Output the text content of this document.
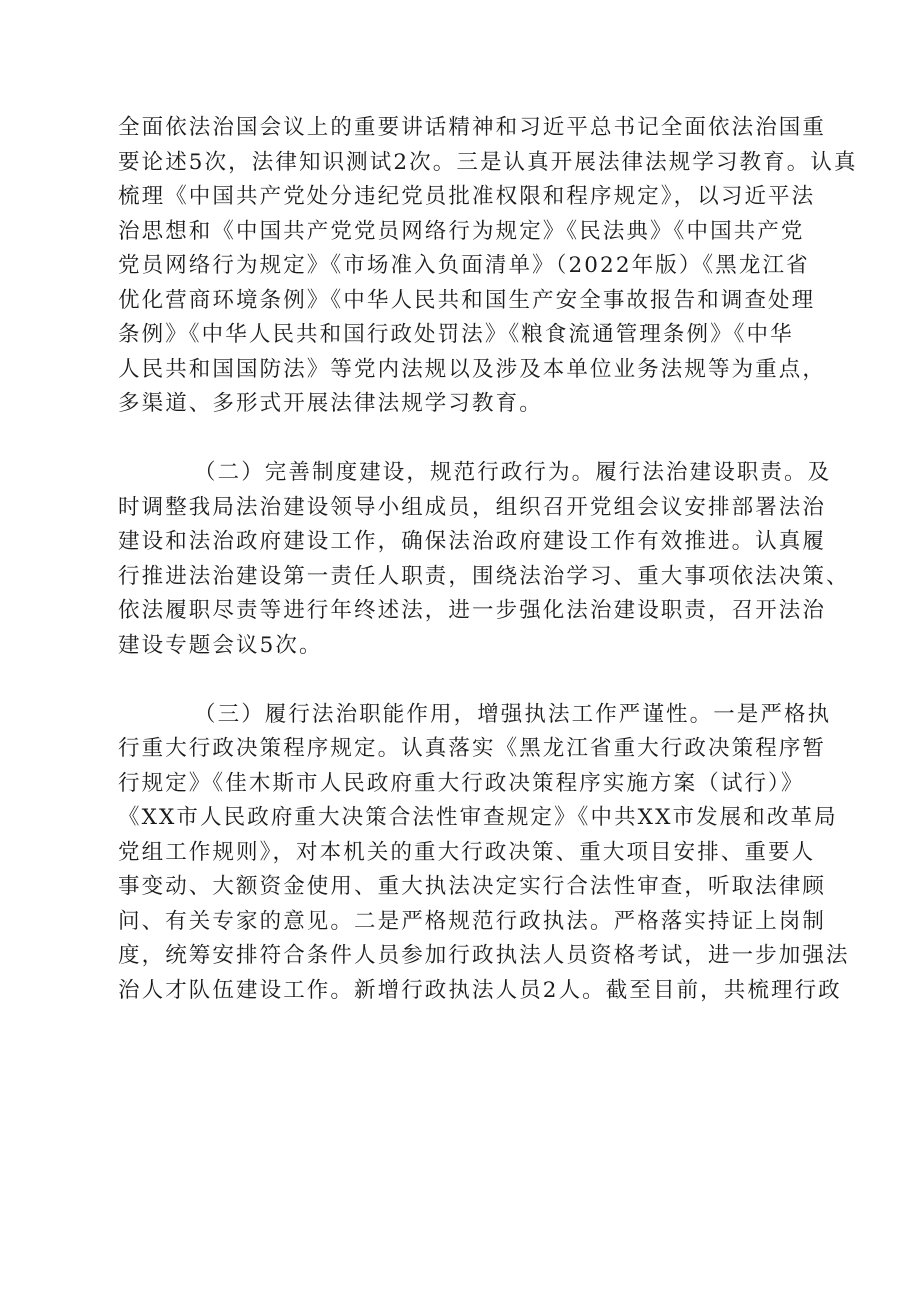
全面依法治国会议上的重要讲话精神和习近平总书记全面依法治国重
要论述5次，法律知识测试2次。三是认真开展法律法规学习教育。认真
梳理《中国共产党处分违纪党员批准权限和程序规定》，以习近平法
治思想和《中国共产党党员网络行为规定》《民法典》《中国共产党
党员网络行为规定》《市场准入负面清单》（2022年版）《黑龙江省
优化营商环境条例》《中华人民共和国生产安全事故报告和调查处理
条例》《中华人民共和国行政处罚法》《粮食流通管理条例》《中华
人民共和国国防法》等党内法规以及涉及本单位业务法规等为重点，
多渠道、多形式开展法律法规学习教育。
（二）完善制度建设，规范行政行为。履行法治建设职责。及
时调整我局法治建设领导小组成员，组织召开党组会议安排部署法治
建设和法治政府建设工作，确保法治政府建设工作有效推进。认真履
行推进法治建设第一责任人职责，围绕法治学习、重大事项依法决策、
依法履职尽责等进行年终述法，进一步强化法治建设职责，召开法治
建设专题会议5次。
（三）履行法治职能作用，增强执法工作严谨性。一是严格执
行重大行政决策程序规定。认真落实《黑龙江省重大行政决策程序暂
行规定》《佳木斯市人民政府重大行政决策程序实施方案（试行）》
《XX市人民政府重大决策合法性审查规定》《中共XX市发展和改革局
党组工作规则》，对本机关的重大行政决策、重大项目安排、重要人
事变动、大额资金使用、重大执法决定实行合法性审查，听取法律顾
问、有关专家的意见。二是严格规范行政执法。严格落实持证上岗制
度，统筹安排符合条件人员参加行政执法人员资格考试，进一步加强法
治人才队伍建设工作。新增行政执法人员2人。截至目前，共梳理行政
